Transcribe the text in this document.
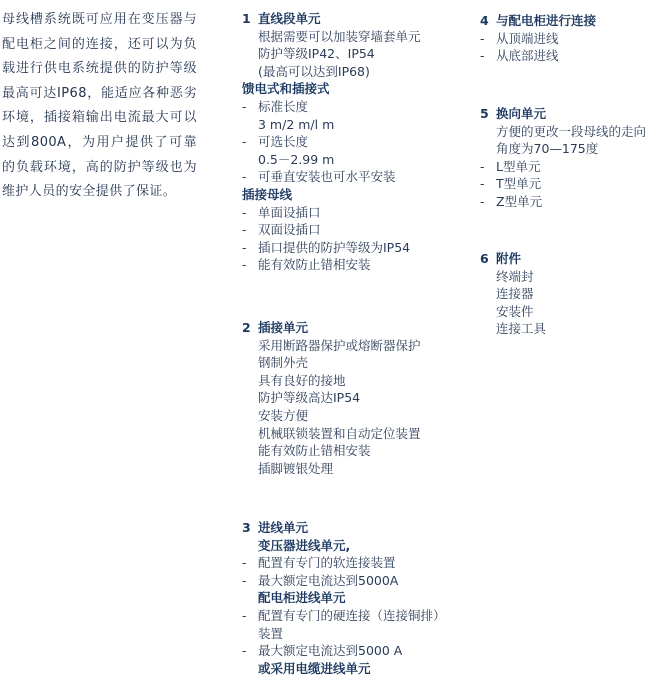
母线槽系统既可应用在变压器与配电柜之间的连接，还可以为负载进行供电系统提供的防护等级最高可达IP68，能适应各种恶劣环境，插接箱输出电流最大可以达到800A，为用户提供了可靠的负载环境，高的防护等级也为维护人员的安全提供了保证。

1 直线段单元
根据需要可以加装穿墙套单元
防护等级IP42、IP54
(最高可以达到IP68)
馈电式和插接式
- 标准长度
3 m/2 m/l m
- 可选长度
0.5－2.99 m
- 可垂直安装也可水平安装
插接母线
- 单面设插口
- 双面设插口
- 插口提供的防护等级为IP54
- 能有效防止错相安装
2 插接单元
采用断路器保护或熔断器保护
钢制外壳
具有良好的接地
防护等级高达IP54
安装方便
机械联锁装置和自动定位装置
能有效防止错相安装
插脚镀银处理
3 进线单元
变压器进线单元,
- 配置有专门的软连接装置
- 最大额定电流达到5000A
配电柜进线单元
- 配置有专门的硬连接（连接铜排）
装置
- 最大额定电流达到5000 A
或采用电缆进线单元
4 与配电柜进行连接
- 从顶端进线
- 从底部进线
5 换向单元
方便的更改一段母线的走向
角度为70—175度
- L型单元
- T型单元
- Z型单元
6 附件
终端封
连接器
安装件
连接工具
